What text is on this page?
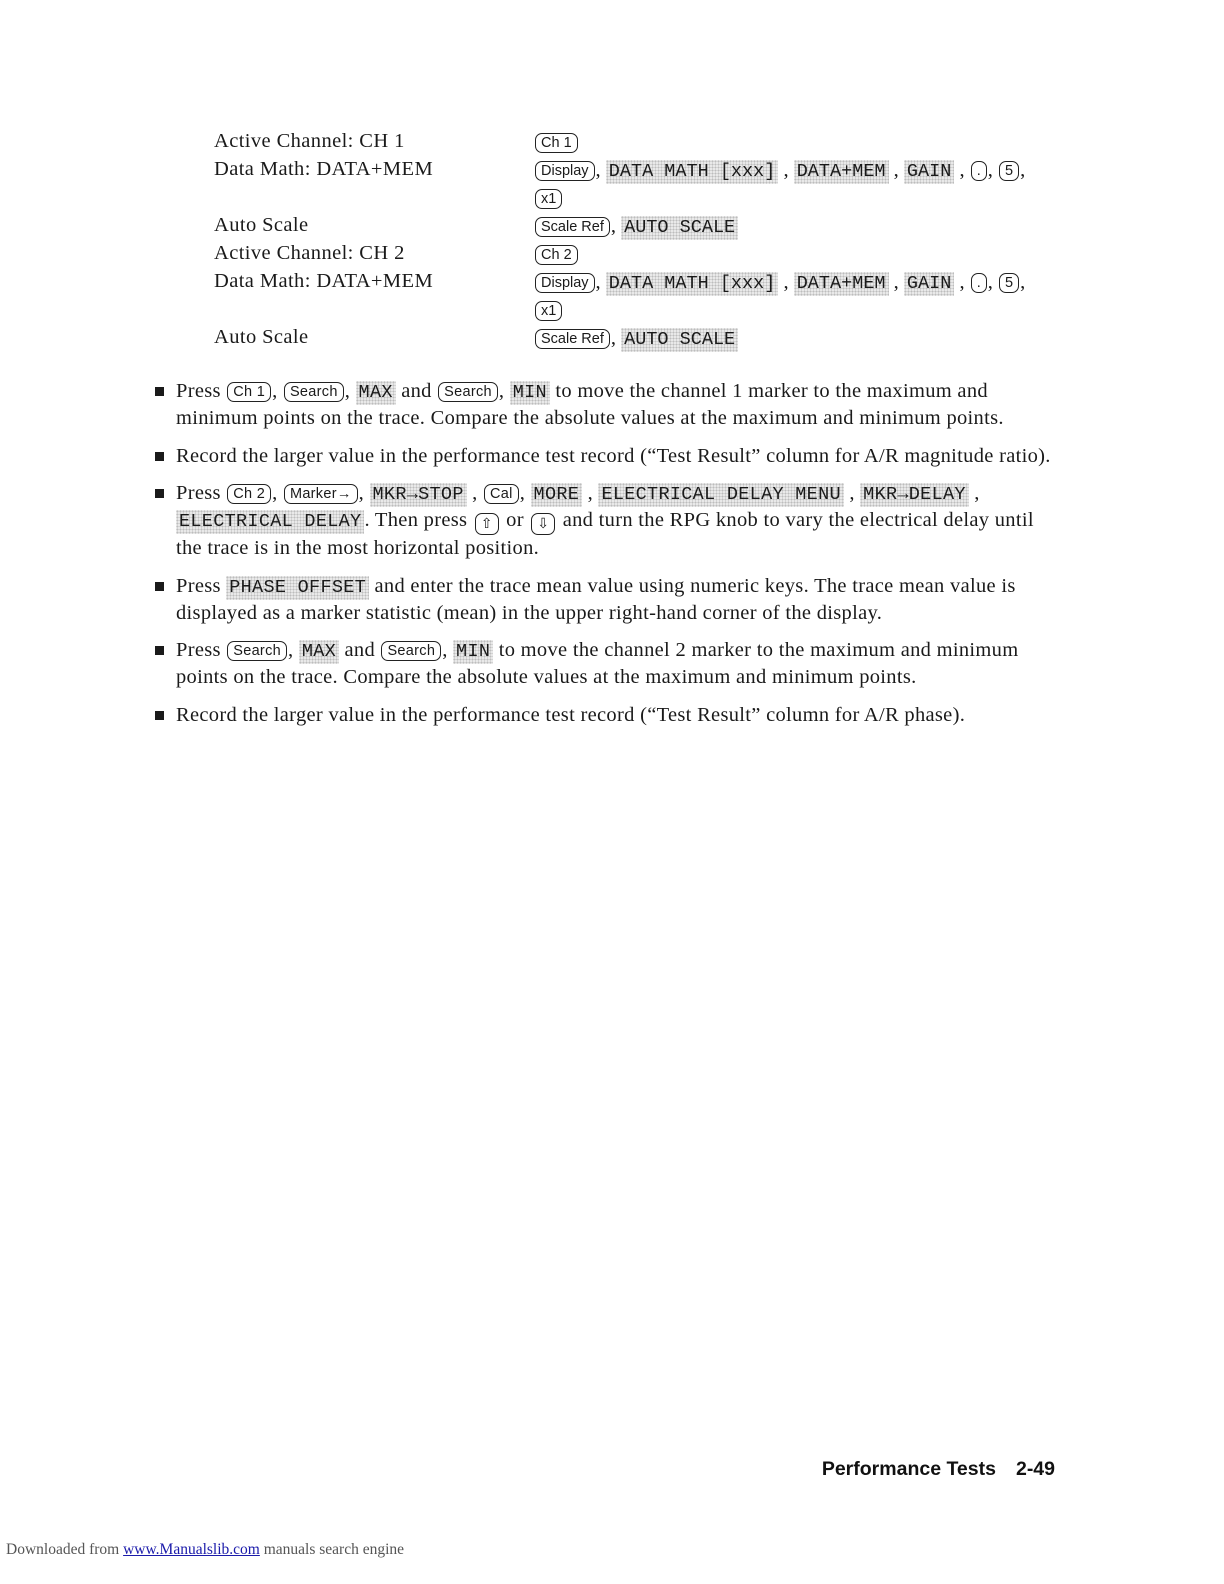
Active Channel: CH 1	Ch 1
Data Math: DATA+MEM	Display , DATA MATH [xxx] , DATA+MEM , GAIN , . , 5 ,
x1
Auto Scale	Scale Ref , AUTO SCALE
Active Channel: CH 2	Ch 2
Data Math: DATA+MEM	Display , DATA MATH [xxx] , DATA+MEM , GAIN , . , 5 ,
x1
Auto Scale	Scale Ref , AUTO SCALE
Press Ch 1 , Search , MAX and Search , MIN to move the channel 1 marker to the maximum and minimum points on the trace. Compare the absolute values at the maximum and minimum points.
Record the larger value in the performance test record (“Test Result” column for A/R magnitude ratio).
Press Ch 2 , Marker→ , MKR→STOP , Cal , MORE , ELECTRICAL DELAY MENU , MKR→DELAY , ELECTRICAL DELAY . Then press ⇧ or ⇩ and turn the RPG knob to vary the electrical delay until the trace is in the most horizontal position.
Press PHASE OFFSET and enter the trace mean value using numeric keys. The trace mean value is displayed as a marker statistic (mean) in the upper right-hand corner of the display.
Press Search , MAX and Search , MIN to move the channel 2 marker to the maximum and minimum points on the trace. Compare the absolute values at the maximum and minimum points.
Record the larger value in the performance test record (“Test Result” column for A/R phase).
Performance Tests 2-49
Downloaded from www.Manualslib.com manuals search engine
